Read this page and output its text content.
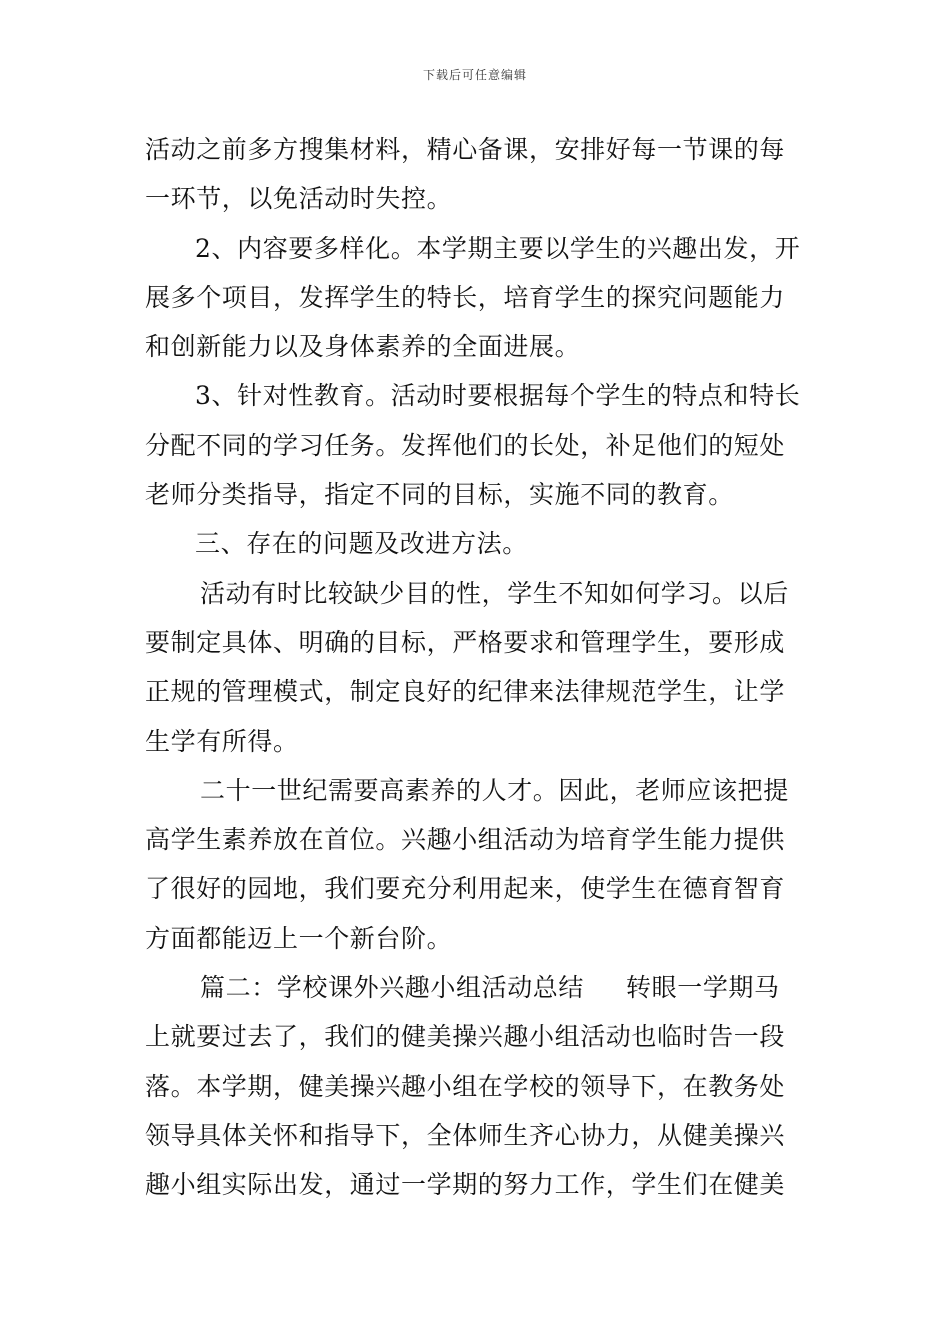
下载后可任意编辑
活动之前多方搜集材料，精心备课，安排好每一节课的每
一环节，以免活动时失控。
2、内容要多样化。本学期主要以学生的兴趣出发，开
展多个项目，发挥学生的特长，培育学生的探究问题能力
和创新能力以及身体素养的全面进展。
3、针对性教育。活动时要根据每个学生的特点和特长
分配不同的学习任务。发挥他们的长处，补足他们的短处
老师分类指导，指定不同的目标，实施不同的教育。
三、存在的问题及改进方法。
活动有时比较缺少目的性，学生不知如何学习。以后
要制定具体、明确的目标，严格要求和管理学生，要形成
正规的管理模式，制定良好的纪律来法律规范学生，让学
生学有所得。
二十一世纪需要高素养的人才。因此，老师应该把提
高学生素养放在首位。兴趣小组活动为培育学生能力提供
了很好的园地，我们要充分利用起来，使学生在德育智育
方面都能迈上一个新台阶。
篇二：学校课外兴趣小组活动总结 转眼一学期马
上就要过去了，我们的健美操兴趣小组活动也临时告一段
落。本学期，健美操兴趣小组在学校的领导下，在教务处
领导具体关怀和指导下，全体师生齐心协力，从健美操兴
趣小组实际出发，通过一学期的努力工作，学生们在健美
